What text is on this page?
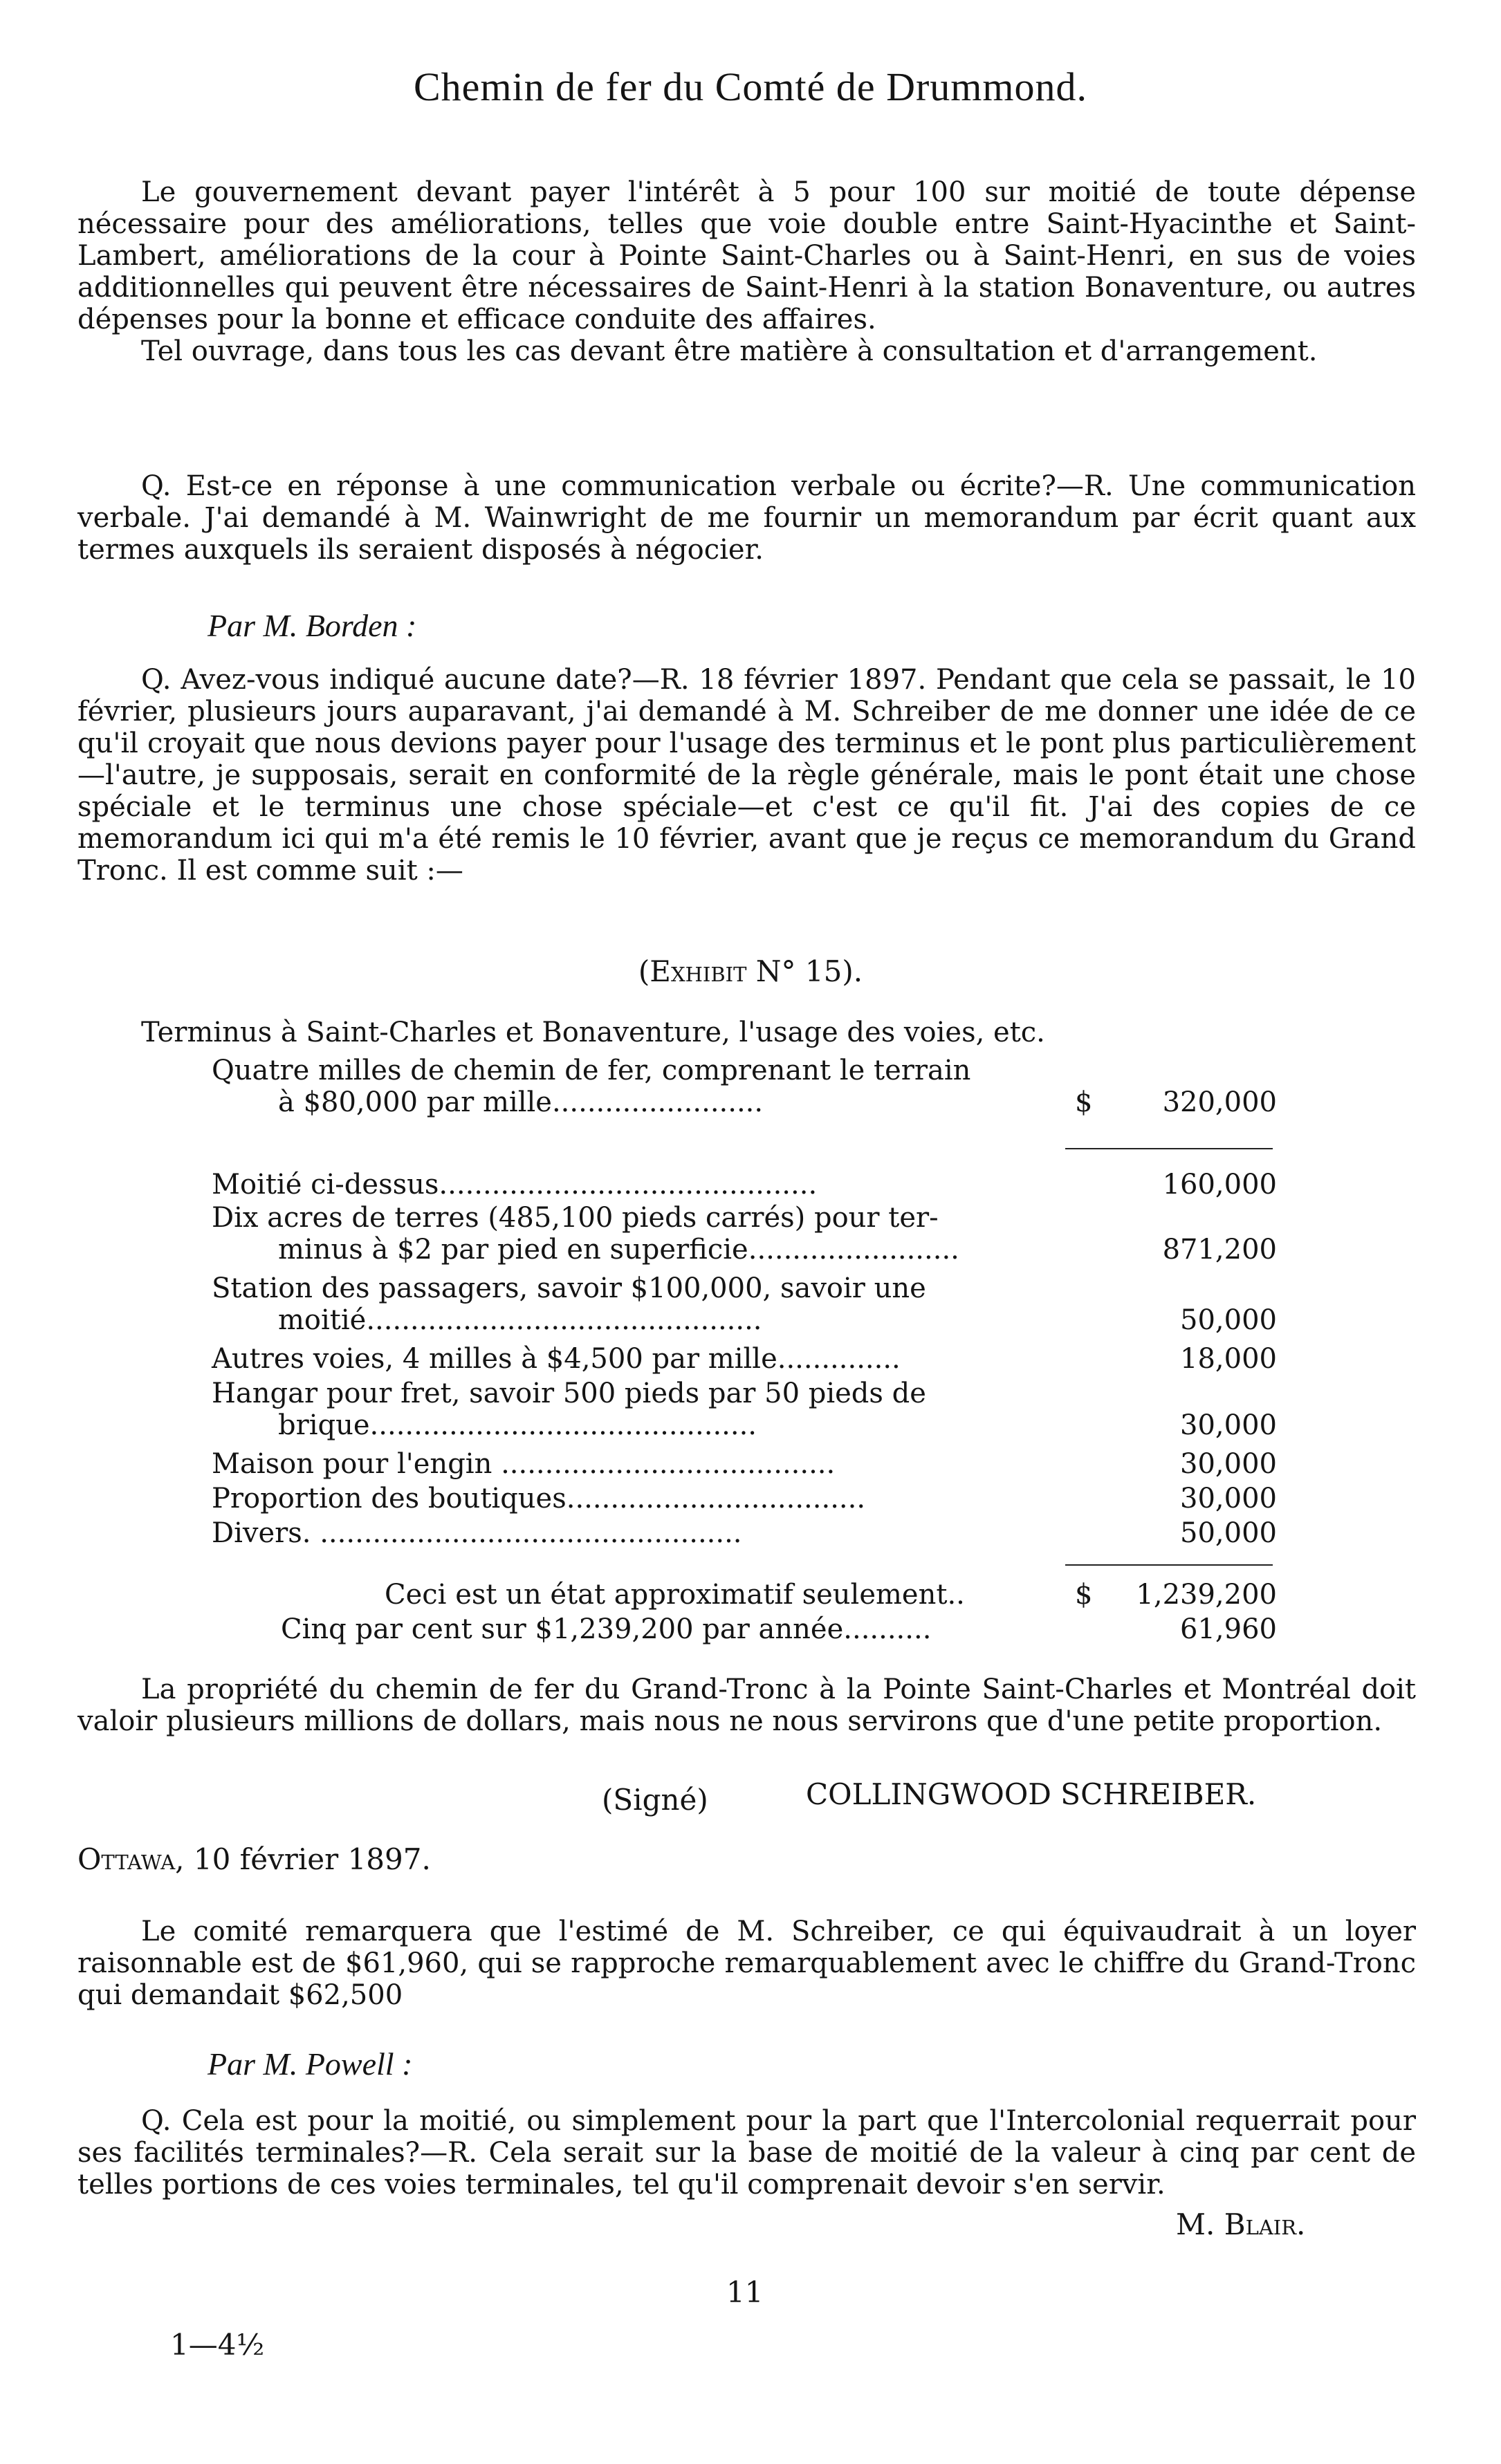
Chemin de fer du Comté de Drummond.

Le gouvernement devant payer l'intérêt à 5 pour 100 sur moitié de toute dépense nécessaire pour des améliorations, telles que voie double entre Saint-Hyacinthe et Saint-Lambert, améliorations de la cour à Pointe Saint-Charles ou à Saint-Henri, en sus de voies additionnelles qui peuvent être nécessaires de Saint-Henri à la station Bonaventure, ou autres dépenses pour la bonne et efficace conduite des affaires.

Tel ouvrage, dans tous les cas devant être matière à consultation et d'arrangement.

Q. Est-ce en réponse à une communication verbale ou écrite?—R. Une communication verbale. J'ai demandé à M. Wainwright de me fournir un memorandum par écrit quant aux termes auxquels ils seraient disposés à négocier.

Par M. Borden :

Q. Avez-vous indiqué aucune date?—R. 18 février 1897. Pendant que cela se passait, le 10 février, plusieurs jours auparavant, j'ai demandé à M. Schreiber de me donner une idée de ce qu'il croyait que nous devions payer pour l'usage des terminus et le pont plus particulièrement—l'autre, je supposais, serait en conformité de la règle générale, mais le pont était une chose spéciale et le terminus une chose spéciale—et c'est ce qu'il fit. J'ai des copies de ce memorandum ici qui m'a été remis le 10 février, avant que je reçus ce memorandum du Grand Tronc. Il est comme suit :—

(Exhibit N° 15).

Terminus à Saint-Charles et Bonaventure, l'usage des voies, etc.

Quatre milles de chemin de fer, comprenant le terrain
à $80,000 par mille........................	$	320,000
Moitié ci-dessus...........................................	160,000
Dix acres de terres (485,100 pieds carrés) pour ter-
minus à $2 par pied en superficie........................	871,200
Station des passagers, savoir $100,000, savoir une
moitié.............................................	50,000
Autres voies, 4 milles à $4,500 par mille..............	18,000
Hangar pour fret, savoir 500 pieds par 50 pieds de
brique............................................	30,000
Maison pour l'engin ......................................	30,000
Proportion des boutiques..................................	30,000
Divers. ................................................	50,000
Ceci est un état approximatif seulement..	$	1,239,200
Cinq par cent sur $1,239,200 par année..........	61,960

La propriété du chemin de fer du Grand-Tronc à la Pointe Saint-Charles et Montréal doit valoir plusieurs millions de dollars, mais nous ne nous servirons que d'une petite proportion.

(Signé)	COLLINGWOOD SCHREIBER.
Ottawa, 10 février 1897.

Le comité remarquera que l'estimé de M. Schreiber, ce qui équivaudrait à un loyer raisonnable est de $61,960, qui se rapproche remarquablement avec le chiffre du Grand-Tronc qui demandait $62,500

Par M. Powell :

Q. Cela est pour la moitié, ou simplement pour la part que l'Intercolonial requerrait pour ses facilités terminales?—R. Cela serait sur la base de moitié de la valeur à cinq par cent de telles portions de ces voies terminales, tel qu'il comprenait devoir s'en servir.

M. Blair.
11
1—4½
